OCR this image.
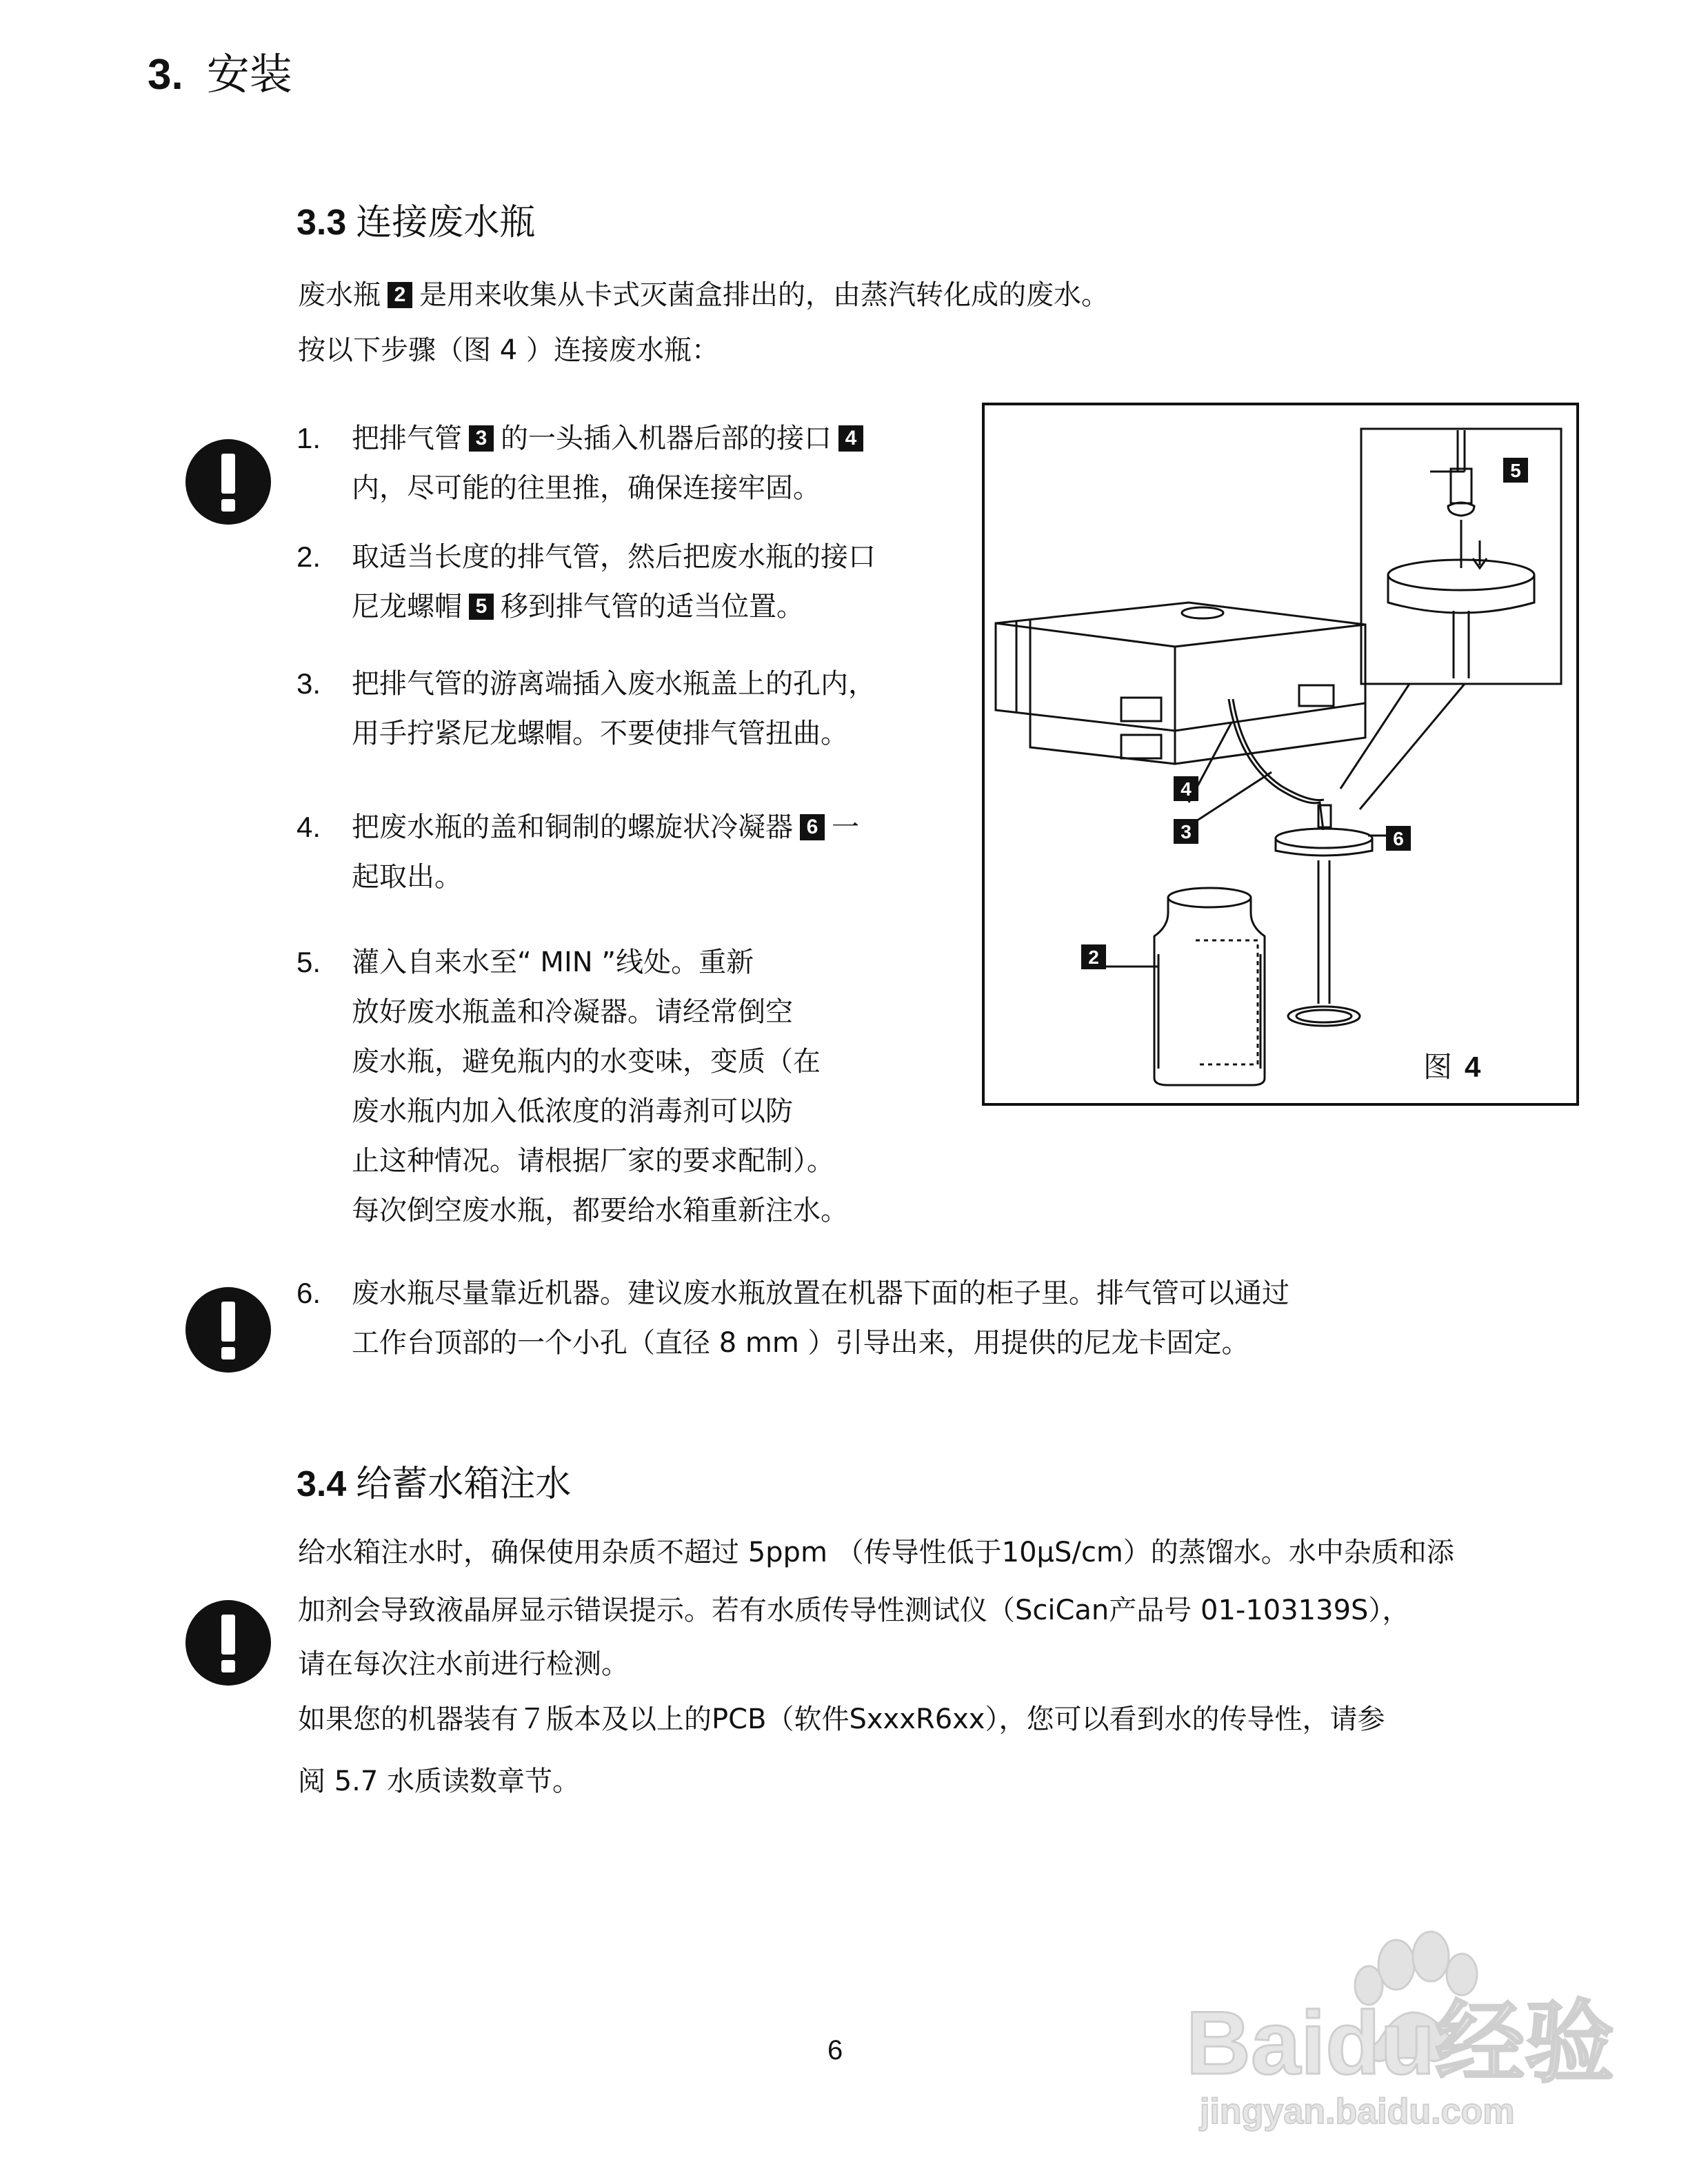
3. 安装
3.3 连接废水瓶
废水瓶 2 是用来收集从卡式灭菌盒排出的，由蒸汽转化成的废水。
按以下步骤（图 4 ）连接废水瓶：
1. 把排气管 3 的一头插入机器后部的接口 4
内，尽可能的往里推，确保连接牢固。
2. 取适当长度的排气管，然后把废水瓶的接口
尼龙螺帽 5 移到排气管的适当位置。
3. 把排气管的游离端插入废水瓶盖上的孔内，
用手拧紧尼龙螺帽。不要使排气管扭曲。
4. 把废水瓶的盖和铜制的螺旋状冷凝器 6 一
起取出。
5. 灌入自来水至“ MIN ”线处。重新
放好废水瓶盖和冷凝器。请经常倒空
废水瓶，避免瓶内的水变味，变质（在
废水瓶内加入低浓度的消毒剂可以防
止这种情况。请根据厂家的要求配制）。
每次倒空废水瓶，都要给水箱重新注水。
6. 废水瓶尽量靠近机器。建议废水瓶放置在机器下面的柜子里。排气管可以通过
工作台顶部的一个小孔（直径 8 mm ）引导出来，用提供的尼龙卡固定。
5
4
3	6
2
图 4
3.4 给蓄水箱注水
给水箱注水时，确保使用杂质不超过 5ppm （传导性低于10µS/cm）的蒸馏水。水中杂质和添
加剂会导致液晶屏显示错误提示。若有水质传导性测试仪（SciCan产品号 01-103139S），
请在每次注水前进行检测。
如果您的机器装有７版本及以上的PCB（软件SxxxR6xx），您可以看到水的传导性，请参
阅 5.7 水质读数章节。
6	Baidu经验
jingyan.baidu.com
